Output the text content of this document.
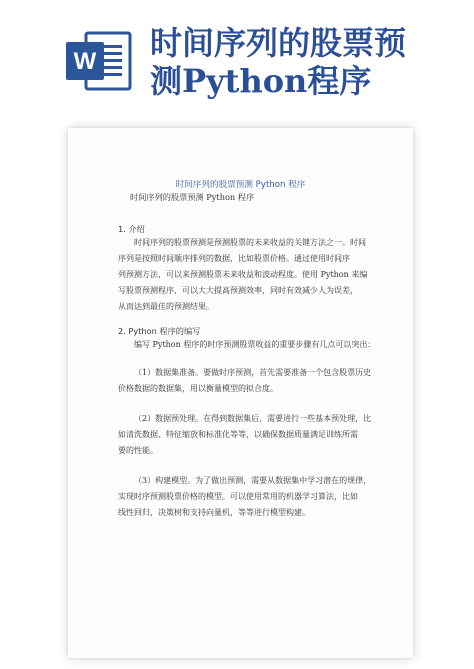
W 时间序列的股票预
测Python程序
时间序列的股票预测 Python 程序
时间序列的股票预测 Python 程序
1. 介绍
时间序列的股票预测是预测股票的未来收益的关键方法之一。时间
序列是按照时间顺序排列的数据，比如股票价格。通过使用时间序
列预测方法，可以来预测股票未来收益和波动程度。使用 Python 来编
写股票预测程序，可以大大提高预测效率，同时有效减少人为误差，
从而达到最佳的预测结果。
2. Python 程序的编写
编写 Python 程序的时序预测股票收益的重要步骤有几点可以突出：
（1）数据集准备。要做时序预测，首先需要准备一个包含股票历史
价格数据的数据集，用以衡量模型的拟合度。
（2）数据预处理。在得到数据集后，需要进行一些基本预处理，比
如清洗数据、特征缩放和标准化等等，以确保数据质量满足训练所需
要的性能。
（3）构建模型。为了做出预测，需要从数据集中学习潜在的规律，
实现时序预测股票价格的模型。可以使用常用的机器学习算法，比如
线性回归，决策树和支持向量机，等等进行模型构建。
